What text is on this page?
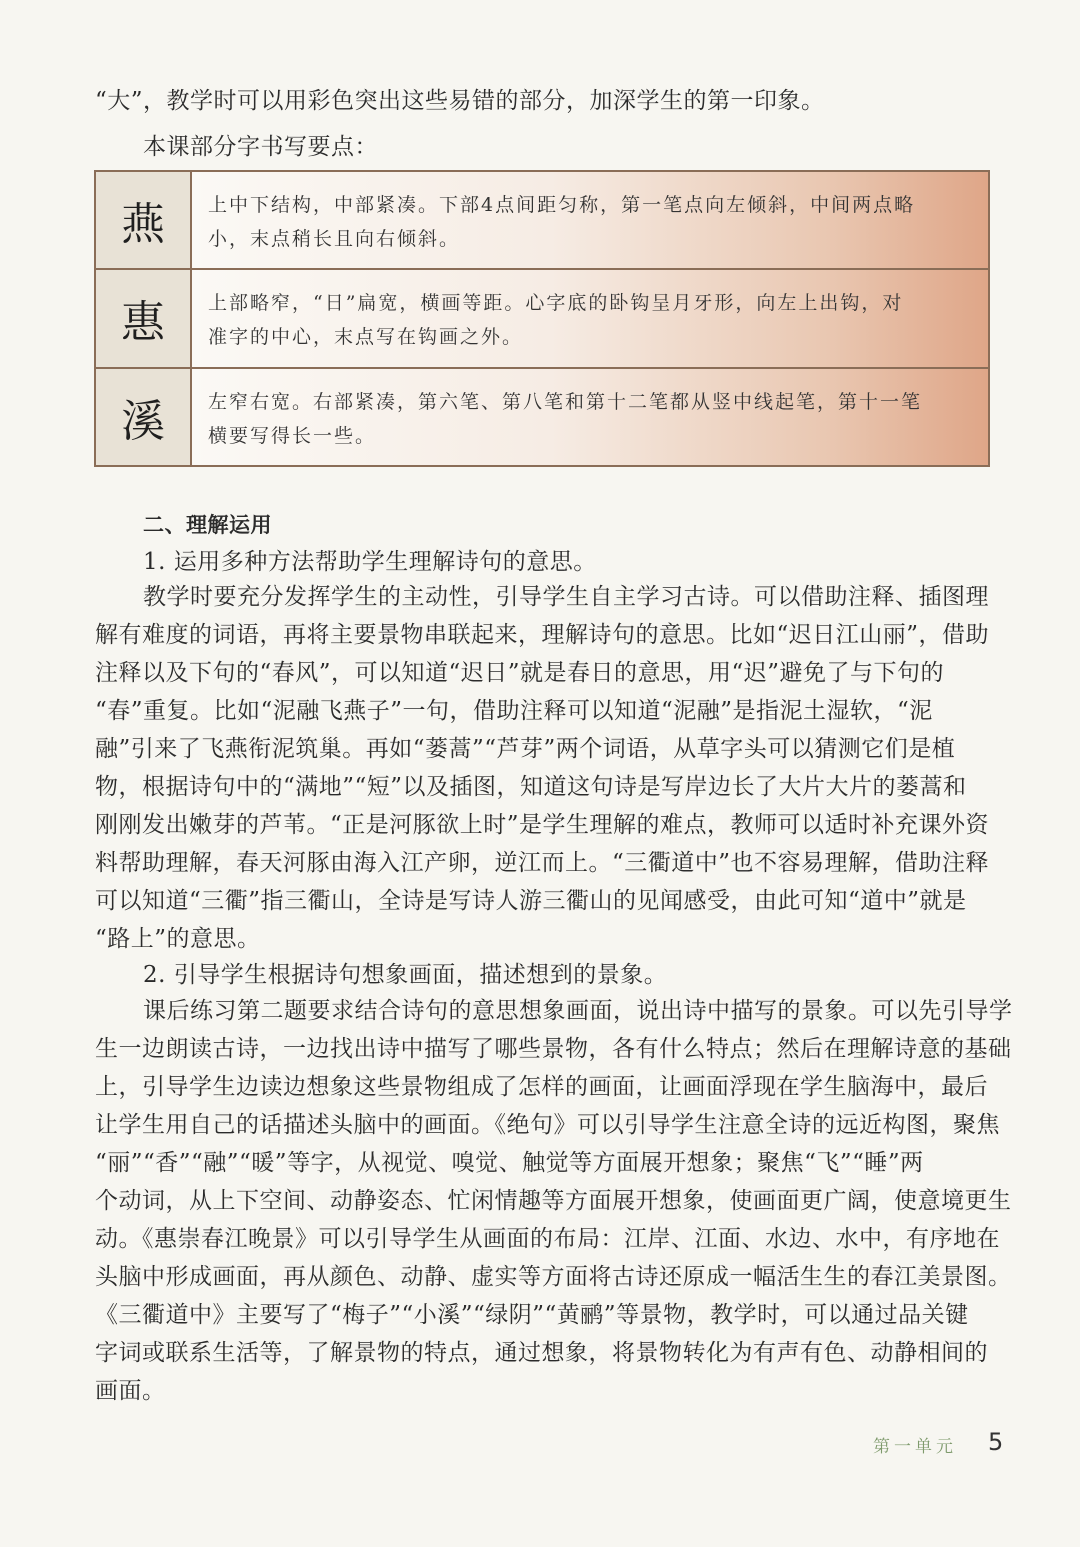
“大”，教学时可以用彩色突出这些易错的部分，加深学生的第一印象。
本课部分字书写要点：
燕	上中下结构，中部紧凑。下部4点间距匀称，第一笔点向左倾斜，中间两点略
小，末点稍长且向右倾斜。
惠	上部略窄，“日”扁宽，横画等距。心字底的卧钩呈月牙形，向左上出钩，对
准字的中心，末点写在钩画之外。
溪	左窄右宽。右部紧凑，第六笔、第八笔和第十二笔都从竖中线起笔，第十一笔
横要写得长一些。
二、理解运用
1. 运用多种方法帮助学生理解诗句的意思。
教学时要充分发挥学生的主动性，引导学生自主学习古诗。可以借助注释、插图理
解有难度的词语，再将主要景物串联起来，理解诗句的意思。比如“迟日江山丽”，借助
注释以及下句的“春风”，可以知道“迟日”就是春日的意思，用“迟”避免了与下句的
“春”重复。比如“泥融飞燕子”一句，借助注释可以知道“泥融”是指泥土湿软，“泥
融”引来了飞燕衔泥筑巢。再如“蒌蒿”“芦芽”两个词语，从草字头可以猜测它们是植
物，根据诗句中的“满地”“短”以及插图，知道这句诗是写岸边长了大片大片的蒌蒿和
刚刚发出嫩芽的芦苇。“正是河豚欲上时”是学生理解的难点，教师可以适时补充课外资
料帮助理解，春天河豚由海入江产卵，逆江而上。“三衢道中”也不容易理解，借助注释
可以知道“三衢”指三衢山，全诗是写诗人游三衢山的见闻感受，由此可知“道中”就是
“路上”的意思。
2. 引导学生根据诗句想象画面，描述想到的景象。
课后练习第二题要求结合诗句的意思想象画面，说出诗中描写的景象。可以先引导学
生一边朗读古诗，一边找出诗中描写了哪些景物，各有什么特点；然后在理解诗意的基础
上，引导学生边读边想象这些景物组成了怎样的画面，让画面浮现在学生脑海中，最后
让学生用自己的话描述头脑中的画面。《绝句》可以引导学生注意全诗的远近构图，聚焦
“丽”“香”“融”“暖”等字，从视觉、嗅觉、触觉等方面展开想象；聚焦“飞”“睡”两
个动词，从上下空间、动静姿态、忙闲情趣等方面展开想象，使画面更广阔，使意境更生
动。《惠崇春江晚景》可以引导学生从画面的布局：江岸、江面、水边、水中，有序地在
头脑中形成画面，再从颜色、动静、虚实等方面将古诗还原成一幅活生生的春江美景图。
《三衢道中》主要写了“梅子”“小溪”“绿阴”“黄鹂”等景物，教学时，可以通过品关键
字词或联系生活等，了解景物的特点，通过想象，将景物转化为有声有色、动静相间的
画面。
第一单元 5
